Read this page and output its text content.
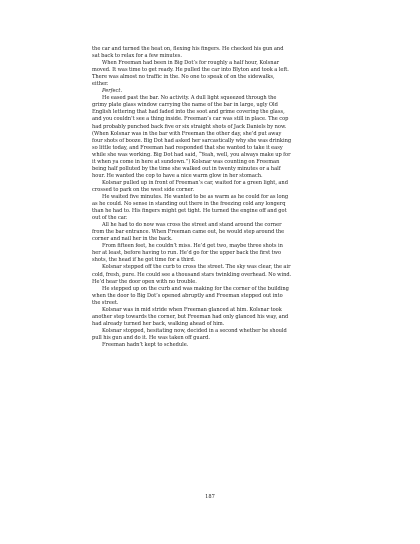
the car and turned the heat on, flexing his fingers. He checked his gun and
sat back to relax for a few minutes.

When Freeman had been in Big Dot’s for roughly a half hour, Kolsnar
moved. It was time to get ready. He pulled the car into Blyton and took a left.
There was almost no traffic in the. No one to speak of on the sidewalks,
either.

Perfect.

He eased past the bar. No activity. A dull light squeezed through the
grimy plate glass window carrying the name of the bar in large, ugly Old
English lettering that had faded into the soot and grime covering the glass,
and you couldn’t see a thing inside. Freeman’s car was still in place. The cop
had probably punched back five or six straight shots of Jack Daniels by now.
(When Kolsnar was in the bar with Freeman the other day, she’d put away
four shots of booze. Big Dot had asked her sarcastically why she was drinking
so little today, and Freeman had responded that she wanted to take it easy
while she was working. Big Dot had said, “Yeah, well, you always make up for
it when ya come in here at sundown.”) Kolsnar was counting on Freeman
being half polluted by the time she walked out in twenty minutes or a half
hour. He wanted the cop to have a nice warm glow in her stomach.

Kolsnar pulled up in front of Freeman’s car, waited for a green light, and
crossed to park on the west side corner.

He waited five minutes. He wanted to be as warm as he could for as long
as he could. No sense in standing out there in the freezing cold any longerq
than he had to. His fingers might get tight. He turned the engine off and got
out of the car.

All he had to do now was cross the street and stand around the corner
from the bar entrance. When Freeman came out, he would step around the
corner and nail her in the back.

From fifteen feet, he couldn’t miss. He’d get two, maybe three shots in
her at least, before having to run. He’d go for the upper back the first two
shots, the head if he got time for a third.

Kolsnar stepped off the curb to cross the street. The sky was clear, the air
cold, fresh, pure. He could see a thousand stars twinkling overhead. No wind.
He’d hear the door open with no trouble.

He stepped up on the curb and was making for the corner of the building
when the door to Big Dot’s opened abruptly and Freeman stepped out into
the street.

Kolsnar was in mid stride when Freeman glanced at him. Kolsnar took
another step towards the corner, but Freeman had only glanced his way, and
had already turned her back, walking ahead of him.

Kolsnar stopped, hesitating now, decided in a second whether he should
pull his gun and do it. He was taken off guard.

Freeman hadn’t kept to schedule.

187
